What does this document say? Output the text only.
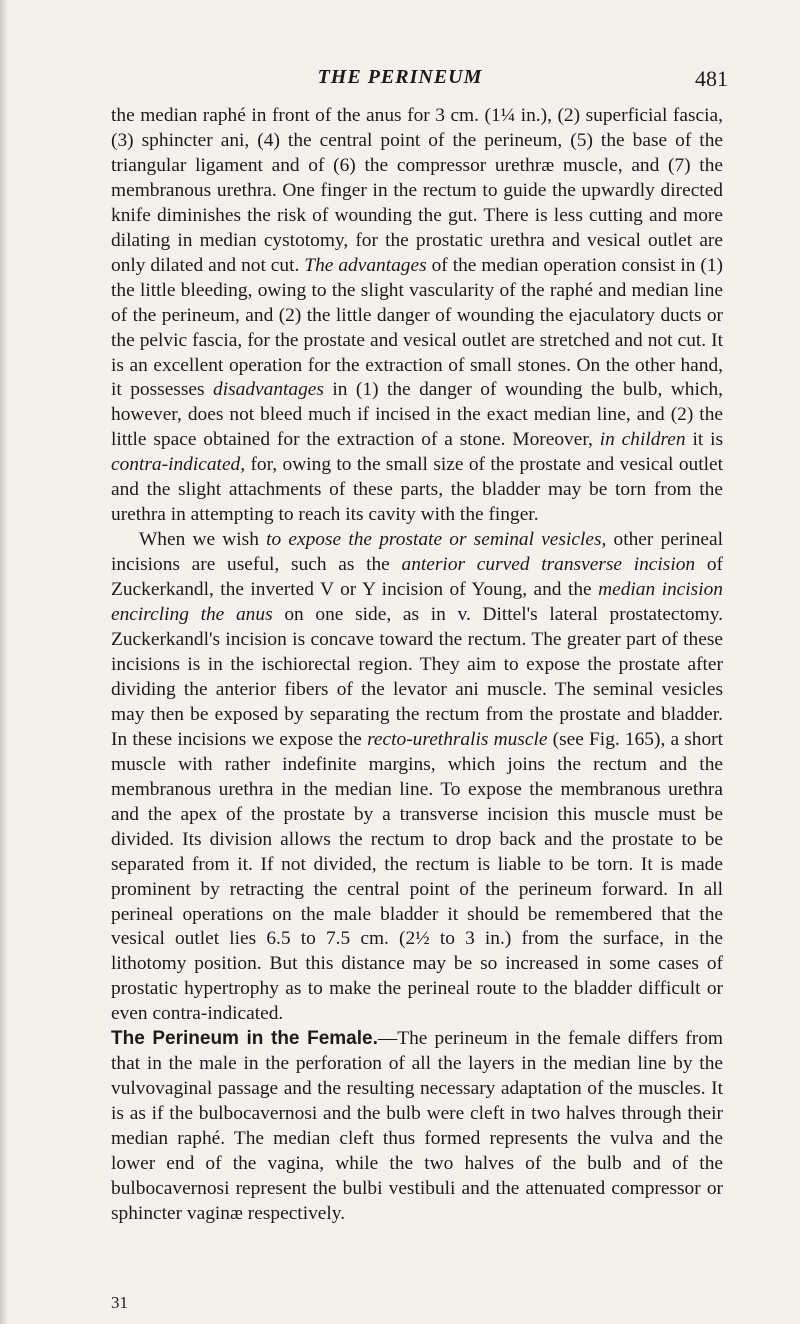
THE PERINEUM	481

the median raphé in front of the anus for 3 cm. (1¼ in.), (2) superficial fascia, (3) sphincter ani, (4) the central point of the perineum, (5) the base of the triangular ligament and of (6) the compressor urethræ muscle, and (7) the membranous urethra. One finger in the rectum to guide the upwardly directed knife diminishes the risk of wounding the gut. There is less cutting and more dilating in median cystotomy, for the prostatic urethra and vesical outlet are only dilated and not cut. The advantages of the median operation consist in (1) the little bleeding, owing to the slight vascularity of the raphé and median line of the perineum, and (2) the little danger of wounding the ejaculatory ducts or the pelvic fascia, for the prostate and vesical outlet are stretched and not cut. It is an excellent operation for the extraction of small stones. On the other hand, it possesses disadvantages in (1) the danger of wounding the bulb, which, however, does not bleed much if incised in the exact median line, and (2) the little space obtained for the extraction of a stone. Moreover, in children it is contra-indicated, for, owing to the small size of the prostate and vesical outlet and the slight attachments of these parts, the bladder may be torn from the urethra in attempting to reach its cavity with the finger.

When we wish to expose the prostate or seminal vesicles, other perineal incisions are useful, such as the anterior curved transverse incision of Zuckerkandl, the inverted V or Y incision of Young, and the median incision encircling the anus on one side, as in v. Dittel's lateral prostatectomy. Zuckerkandl's incision is concave toward the rectum. The greater part of these incisions is in the ischiorectal region. They aim to expose the prostate after dividing the anterior fibers of the levator ani muscle. The seminal vesicles may then be exposed by separating the rectum from the prostate and bladder. In these incisions we expose the recto-urethralis muscle (see Fig. 165), a short muscle with rather indefinite margins, which joins the rectum and the membranous urethra in the median line. To expose the membranous urethra and the apex of the prostate by a transverse incision this muscle must be divided. Its division allows the rectum to drop back and the prostate to be separated from it. If not divided, the rectum is liable to be torn. It is made prominent by retracting the central point of the perineum forward. In all perineal operations on the male bladder it should be remembered that the vesical outlet lies 6.5 to 7.5 cm. (2½ to 3 in.) from the surface, in the lithotomy position. But this distance may be so increased in some cases of prostatic hypertrophy as to make the perineal route to the bladder difficult or even contra-indicated.

The Perineum in the Female.—The perineum in the female differs from that in the male in the perforation of all the layers in the median line by the vulvovaginal passage and the resulting necessary adaptation of the muscles. It is as if the bulbocavernosi and the bulb were cleft in two halves through their median raphé. The median cleft thus formed represents the vulva and the lower end of the vagina, while the two halves of the bulb and of the bulbocavernosi represent the bulbi vestibuli and the attenuated compressor or sphincter vaginæ respectively.

31
